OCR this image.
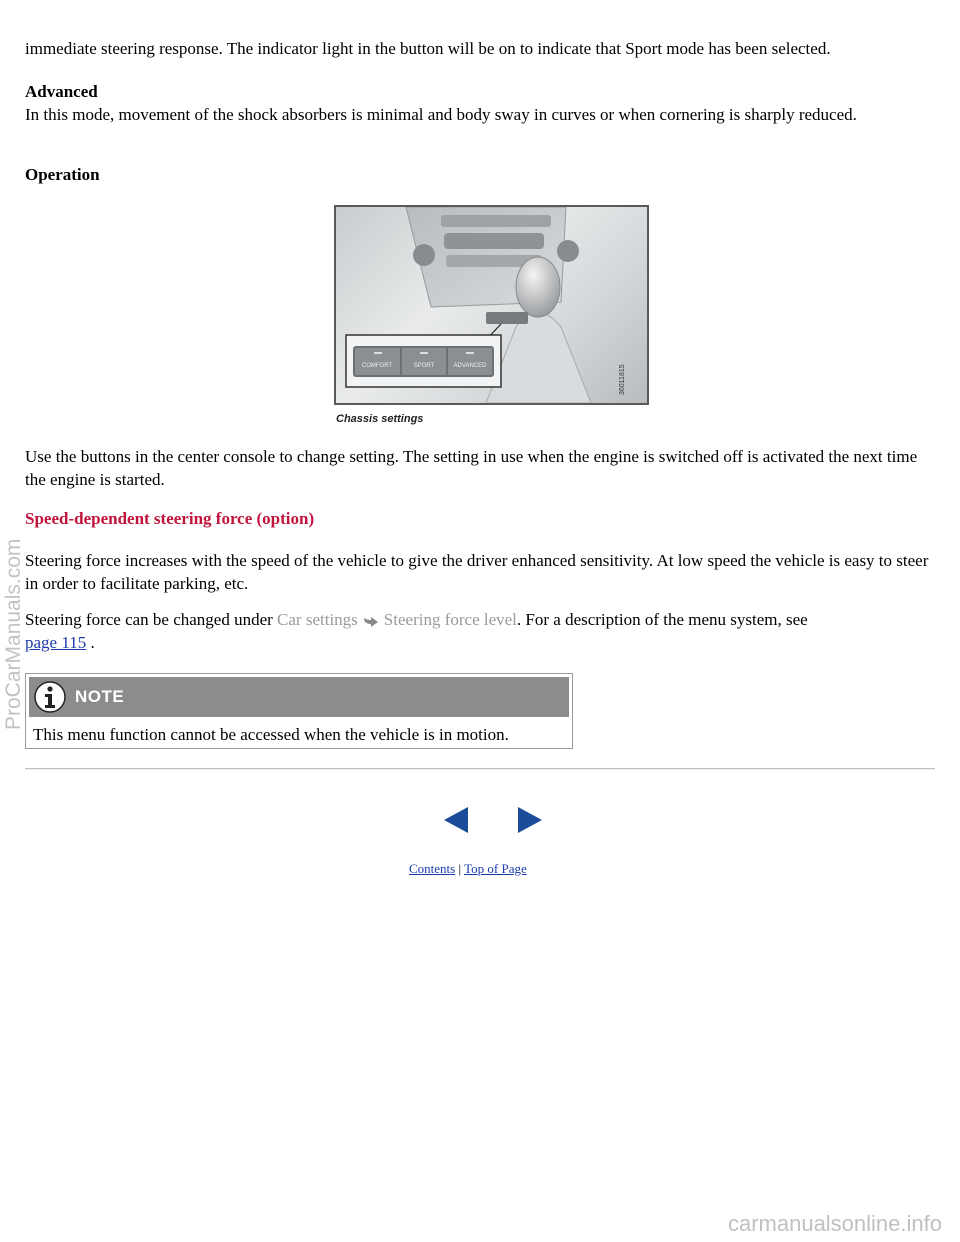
immediate steering response. The indicator light in the button will be on to indicate that Sport mode has been selected.

Advanced

In this mode, movement of the shock absorbers is minimal and body sway in curves or when cornering is sharply reduced.

Operation

COMFORT	SPORT	ADVANCED	36011815
Chassis settings

Use the buttons in the center console to change setting. The setting in use when the engine is switched off is activated the next time the engine is started.

Speed-dependent steering force (option)

Steering force increases with the speed of the vehicle to give the driver enhanced sensitivity. At low speed the vehicle is easy to steer in order to facilitate parking, etc.

Steering force can be changed under Car settings Steering force level. For a description of the menu system, see
page 115 .

NOTE
This menu function cannot be accessed when the vehicle is in motion.
Contents | Top of Page
ProCarManuals.com
carmanualsonline.info
